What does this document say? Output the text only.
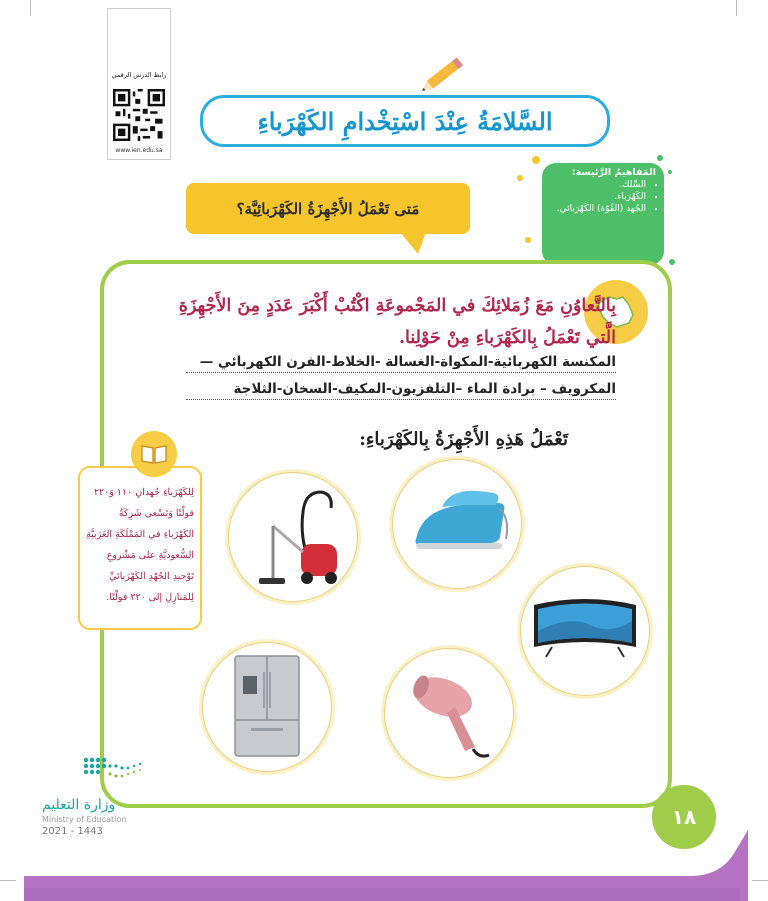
رابط الدرس الرقمي
www.ien.edu.sa
السَّلامَةُ عِنْدَ اسْتِخْدامِ الكَهْرَباءِ
المَفاهيمُ الرَّئيسة:
• السِّلك.
• الكَهْرَباء.
• الجُهد (القُوّة) الكَهْرَبائي.
مَتى تَعْمَلُ الأَجْهِزَةُ الكَهْرَبائِيَّة؟
بِالتَّعاوُنِ مَعَ زُمَلائِكَ في المَجْموعَةِ اكْتُبْ أَكْبَرَ عَدَدٍ مِنَ الأَجْهِزَةِ الَّتي تَعْمَلُ بِالكَهْرَباءِ مِنْ حَوْلِنا.
المكنسة الكهربائية-المكواة-الغسالة -الخلاط-الفرن الكهربائي —
المكرويف – برادة الماء –التلفزيون-المكيف-السخان-الثلاجة
تَعْمَلُ هَذِهِ الأَجْهِزَةُ بِالكَهْرَباءِ:
لِلكَهْرَباءِ جُهدانِ ١١٠ وَ٢٢٠ فولْتًا وَتَسْعى شَرِكَةُ الكَهْرَباءِ في المَمْلَكَةِ العَرَبيَّةِ السُّعوديَّةِ على مَشْروعِ تَوْحيدِ الجُهْدِ الكَهْرَبائيِّ لِلمَنازِلِ إلى ٢٢٠ فولْتًا.
وزارة التعليم
Ministry of Education
2021 - 1443
١٨
